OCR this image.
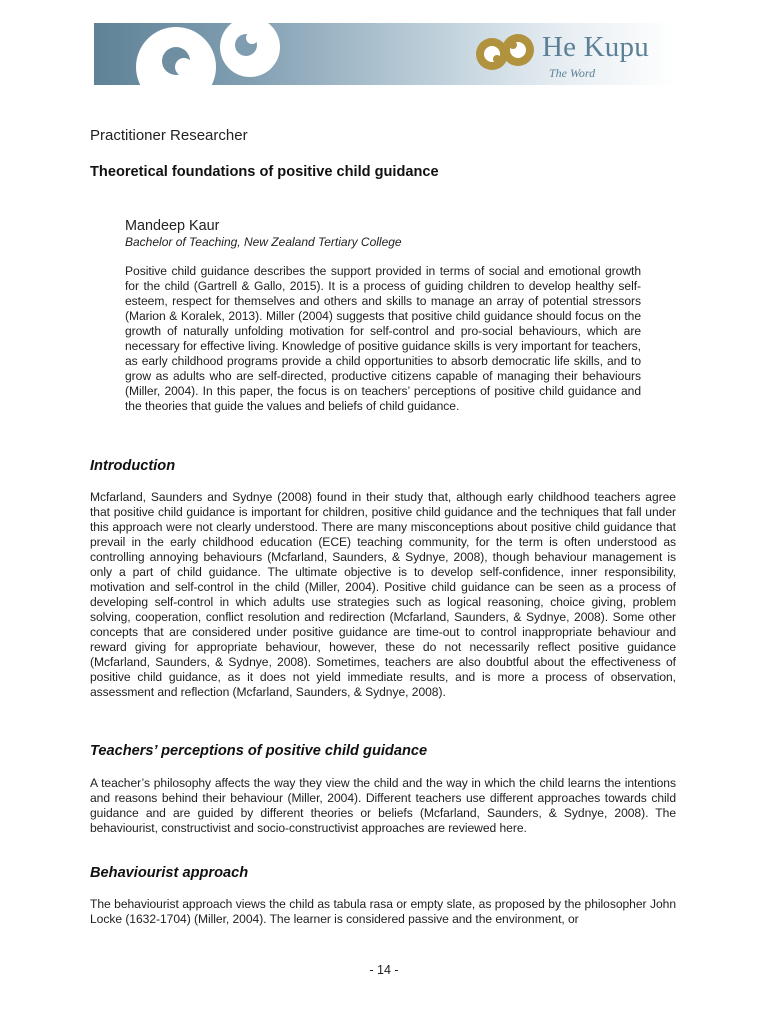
He Kupu
The Word
Practitioner Researcher
Theoretical foundations of positive child guidance
Mandeep Kaur
Bachelor of Teaching, New Zealand Tertiary College

Positive child guidance describes the support provided in terms of social and emotional growth for the child (Gartrell & Gallo, 2015). It is a process of guiding children to develop healthy self-esteem, respect for themselves and others and skills to manage an array of potential stressors (Marion & Koralek, 2013). Miller (2004) suggests that positive child guidance should focus on the growth of naturally unfolding motivation for self-control and pro-social behaviours, which are necessary for effective living. Knowledge of positive guidance skills is very important for teachers, as early childhood programs provide a child opportunities to absorb democratic life skills, and to grow as adults who are self-directed, productive citizens capable of managing their behaviours (Miller, 2004). In this paper, the focus is on teachers’ perceptions of positive child guidance and the theories that guide the values and beliefs of child guidance.

Introduction

Mcfarland, Saunders and Sydnye (2008) found in their study that, although early childhood teachers agree that positive child guidance is important for children, positive child guidance and the techniques that fall under this approach were not clearly understood. There are many misconceptions about positive child guidance that prevail in the early childhood education (ECE) teaching community, for the term is often understood as controlling annoying behaviours (Mcfarland, Saunders, & Sydnye, 2008), though behaviour management is only a part of child guidance. The ultimate objective is to develop self-confidence, inner responsibility, motivation and self-control in the child (Miller, 2004). Positive child guidance can be seen as a process of developing self-control in which adults use strategies such as logical reasoning, choice giving, problem solving, cooperation, conflict resolution and redirection (Mcfarland, Saunders, & Sydnye, 2008). Some other concepts that are considered under positive guidance are time-out to control inappropriate behaviour and reward giving for appropriate behaviour, however, these do not necessarily reflect positive guidance (Mcfarland, Saunders, & Sydnye, 2008). Sometimes, teachers are also doubtful about the effectiveness of positive child guidance, as it does not yield immediate results, and is more a process of observation, assessment and reflection (Mcfarland, Saunders, & Sydnye, 2008).

Teachers’ perceptions of positive child guidance

A teacher’s philosophy affects the way they view the child and the way in which the child learns the intentions and reasons behind their behaviour (Miller, 2004). Different teachers use different approaches towards child guidance and are guided by different theories or beliefs (Mcfarland, Saunders, & Sydnye, 2008). The behaviourist, constructivist and socio-constructivist approaches are reviewed here.

Behaviourist approach

The behaviourist approach views the child as tabula rasa or empty slate, as proposed by the philosopher John Locke (1632-1704) (Miller, 2004). The learner is considered passive and the environment, or

- 14 -
